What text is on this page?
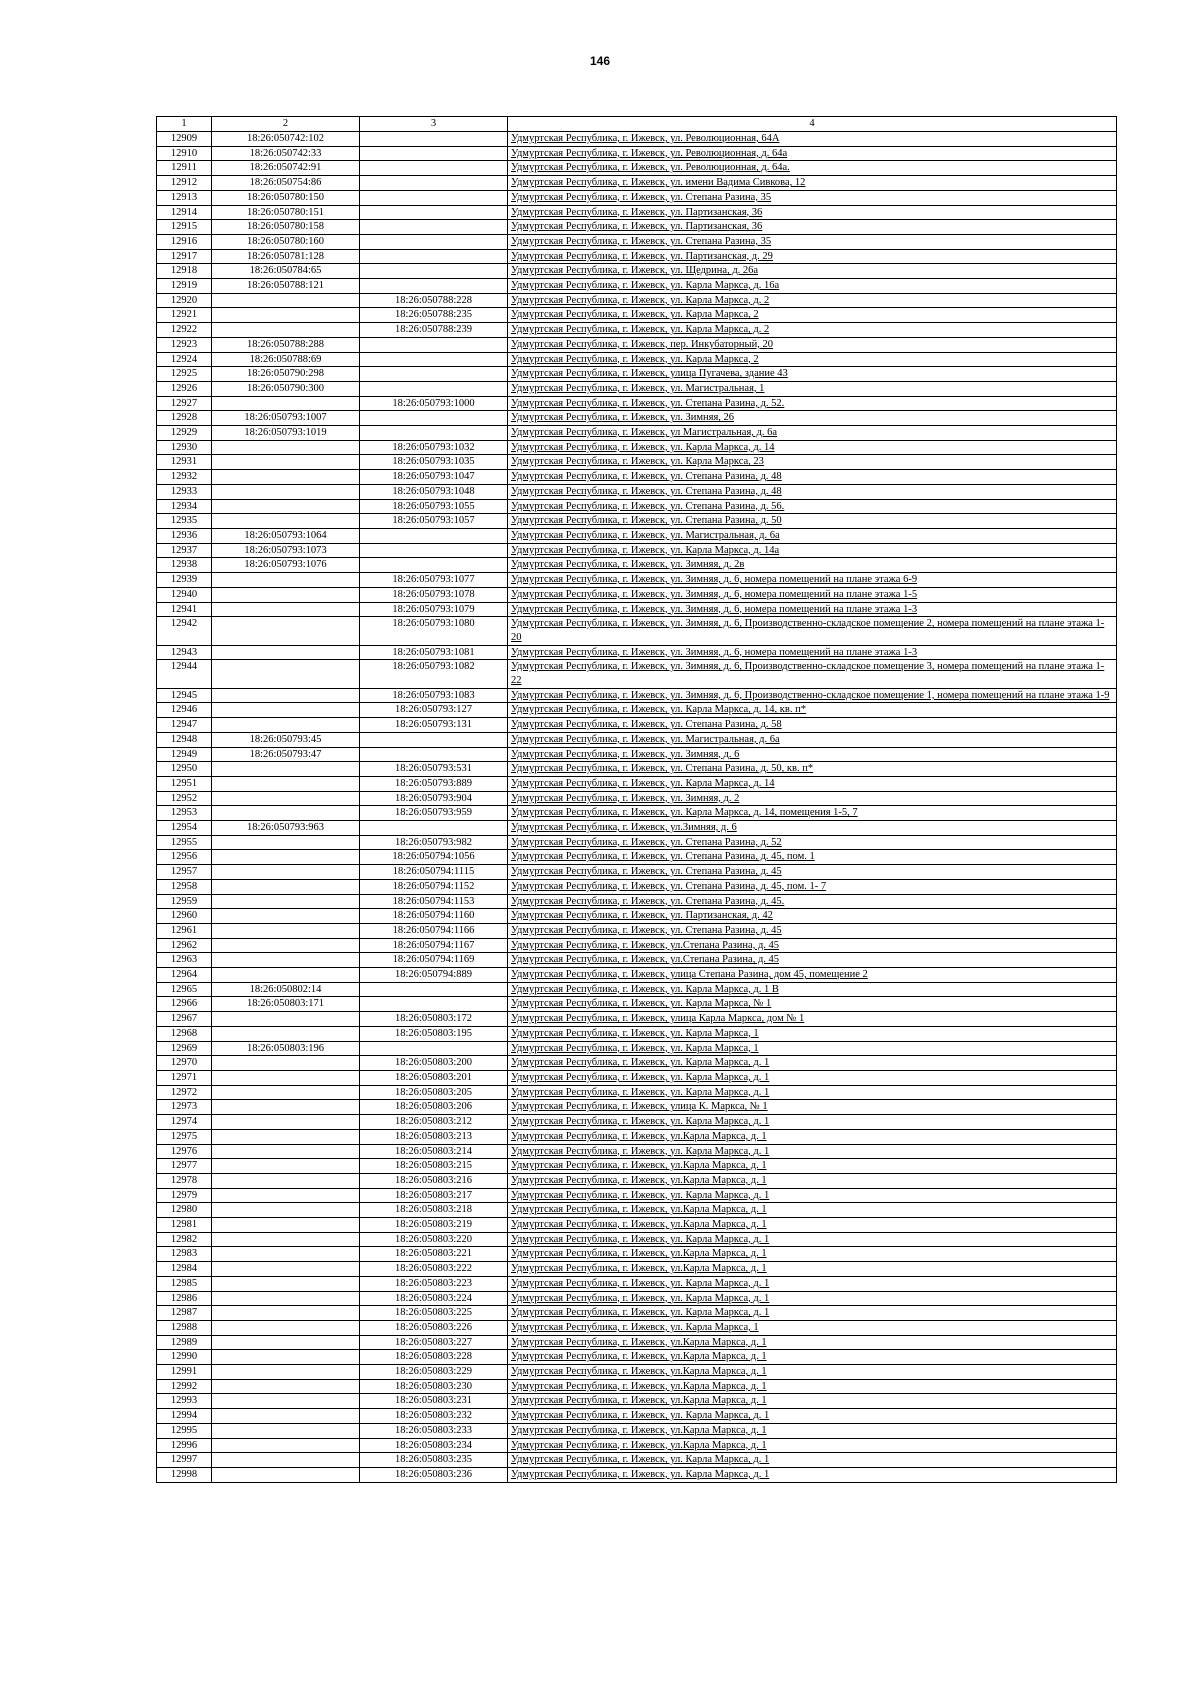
146
1	2	3	4
12909	18:26:050742:102		Удмуртская Республика, г. Ижевск, ул. Революционная, 64А
12910	18:26:050742:33		Удмуртская Республика, г. Ижевск, ул. Революционная, д. 64а
12911	18:26:050742:91		Удмуртская Республика, г. Ижевск, ул. Революционная, д. 64а.
12912	18:26:050754:86		Удмуртская Республика, г. Ижевск, ул. имени Вадима Сивкова, 12
12913	18:26:050780:150		Удмуртская Республика, г. Ижевск, ул. Степана Разина, 35
12914	18:26:050780:151		Удмуртская Республика, г. Ижевск, ул. Партизанская, 36
12915	18:26:050780:158		Удмуртская Республика, г. Ижевск, ул. Партизанская, 36
12916	18:26:050780:160		Удмуртская Республика, г. Ижевск, ул. Степана Разина, 35
12917	18:26:050781:128		Удмуртская Республика, г. Ижевск, ул. Партизанская, д. 29
12918	18:26:050784:65		Удмуртская Республика, г. Ижевск, ул. Щедрина, д. 26а
12919	18:26:050788:121		Удмуртская Республика, г. Ижевск, ул. Карла Маркса, д. 16а
12920		18:26:050788:228	Удмуртская Республика, г. Ижевск, ул. Карла Маркса, д. 2
12921		18:26:050788:235	Удмуртская Республика, г. Ижевск, ул. Карла Маркса, 2
12922		18:26:050788:239	Удмуртская Республика, г. Ижевск, ул. Карла Маркса, д. 2
12923	18:26:050788:288		Удмуртская Республика, г. Ижевск, пер. Инкубаторный, 20
12924	18:26:050788:69		Удмуртская Республика, г. Ижевск, ул. Карла Маркса, 2
12925	18:26:050790:298		Удмуртская Республика, г. Ижевск, улица Пугачева, здание 43
12926	18:26:050790:300		Удмуртская Республика, г. Ижевск, ул. Магистральная, 1
12927		18:26:050793:1000	Удмуртская Республика, г. Ижевск, ул. Степана Разина, д. 52.
12928	18:26:050793:1007		Удмуртская Республика, г. Ижевск, ул. Зимняя, 26
12929	18:26:050793:1019		Удмуртская Республика, г. Ижевск, ул Магистральная, д. 6а
12930		18:26:050793:1032	Удмуртская Республика, г. Ижевск, ул. Карла Маркса, д. 14
12931		18:26:050793:1035	Удмуртская Республика, г. Ижевск, ул. Карла Маркса, 23
12932		18:26:050793:1047	Удмуртская Республика, г. Ижевск, ул. Степана Разина, д. 48
12933		18:26:050793:1048	Удмуртская Республика, г. Ижевск, ул. Степана Разина, д. 48
12934		18:26:050793:1055	Удмуртская Республика, г. Ижевск, ул. Степана Разина, д. 56.
12935		18:26:050793:1057	Удмуртская Республика, г. Ижевск, ул. Степана Разина, д. 50
12936	18:26:050793:1064		Удмуртская Республика, г. Ижевск, ул. Магистральная, д. 6а
12937	18:26:050793:1073		Удмуртская Республика, г. Ижевск, ул. Карла Маркса, д. 14а
12938	18:26:050793:1076		Удмуртская Республика, г. Ижевск, ул. Зимняя, д. 2в
12939		18:26:050793:1077	Удмуртская Республика, г. Ижевск, ул. Зимняя, д. 6, номера помещений на плане этажа 6-9
12940		18:26:050793:1078	Удмуртская Республика, г. Ижевск, ул. Зимняя, д. 6, номера помещений на плане этажа 1-5
12941		18:26:050793:1079	Удмуртская Республика, г. Ижевск, ул. Зимняя, д. 6, номера помещений на плане этажа 1-3
12942		18:26:050793:1080	Удмуртская Республика, г. Ижевск, ул. Зимняя, д. 6, Производственно-складское помещение 2, номера помещений на плане этажа 1-20
12943		18:26:050793:1081	Удмуртская Республика, г. Ижевск, ул. Зимняя, д. 6, номера помещений на плане этажа 1-3
12944		18:26:050793:1082	Удмуртская Республика, г. Ижевск, ул. Зимняя, д. 6, Производственно-складское помещение 3, номера помещений на плане этажа 1-22
12945		18:26:050793:1083	Удмуртская Республика, г. Ижевск, ул. Зимняя, д. 6, Производственно-складское помещение 1, номера помещений на плане этажа 1-9
12946		18:26:050793:127	Удмуртская Республика, г. Ижевск, ул. Карла Маркса, д. 14, кв. п*
12947		18:26:050793:131	Удмуртская Республика, г. Ижевск, ул. Степана Разина, д. 58
12948	18:26:050793:45		Удмуртская Республика, г. Ижевск, ул. Магистральная, д. 6а
12949	18:26:050793:47		Удмуртская Республика, г. Ижевск, ул. Зимняя, д. 6
12950		18:26:050793:531	Удмуртская Республика, г. Ижевск, ул. Степана Разина, д. 50, кв. п*
12951		18:26:050793:889	Удмуртская Республика, г. Ижевск, ул. Карла Маркса, д. 14
12952		18:26:050793:904	Удмуртская Республика, г. Ижевск, ул. Зимняя, д. 2
12953		18:26:050793:959	Удмуртская Республика, г. Ижевск, ул. Карла Маркса, д. 14, помещения 1-5, 7
12954	18:26:050793:963		Удмуртская Республика, г. Ижевск, ул.Зимняя, д. 6
12955		18:26:050793:982	Удмуртская Республика, г. Ижевск, ул. Степана Разина, д. 52
12956		18:26:050794:1056	Удмуртская Республика, г. Ижевск, ул. Степана Разина, д. 45, пом. 1
12957		18:26:050794:1115	Удмуртская Республика, г. Ижевск, ул. Степана Разина, д. 45
12958		18:26:050794:1152	Удмуртская Республика, г. Ижевск, ул. Степана Разина, д. 45, пом. 1- 7
12959		18:26:050794:1153	Удмуртская Республика, г. Ижевск, ул. Степана Разина, д. 45.
12960		18:26:050794:1160	Удмуртская Республика, г. Ижевск, ул. Партизанская, д. 42
12961		18:26:050794:1166	Удмуртская Республика, г. Ижевск, ул. Степана Разина, д. 45
12962		18:26:050794:1167	Удмуртская Республика, г. Ижевск, ул.Степана Разина, д. 45
12963		18:26:050794:1169	Удмуртская Республика, г. Ижевск, ул.Степана Разина, д. 45
12964		18:26:050794:889	Удмуртская Республика, г. Ижевск, улица Степана Разина, дом 45, помещение 2
12965	18:26:050802:14		Удмуртская Республика, г. Ижевск, ул. Карла Маркса, д. 1 В
12966	18:26:050803:171		Удмуртская Республика, г. Ижевск, ул. Карла Маркса, № 1
12967		18:26:050803:172	Удмуртская Республика, г. Ижевск, улица Карла Маркса, дом № 1
12968		18:26:050803:195	Удмуртская Республика, г. Ижевск, ул. Карла Маркса, 1
12969	18:26:050803:196		Удмуртская Республика, г. Ижевск, ул. Карла Маркса, 1
12970		18:26:050803:200	Удмуртская Республика, г. Ижевск, ул. Карла Маркса, д. 1
12971		18:26:050803:201	Удмуртская Республика, г. Ижевск, ул. Карла Маркса, д. 1
12972		18:26:050803:205	Удмуртская Республика, г. Ижевск, ул. Карла Маркса, д. 1
12973		18:26:050803:206	Удмуртская Республика, г. Ижевск, улица К. Маркса, № 1
12974		18:26:050803:212	Удмуртская Республика, г. Ижевск, ул. Карла Маркса, д. 1
12975		18:26:050803:213	Удмуртская Республика, г. Ижевск, ул.Карла Маркса, д. 1
12976		18:26:050803:214	Удмуртская Республика, г. Ижевск, ул. Карла Маркса, д. 1
12977		18:26:050803:215	Удмуртская Республика, г. Ижевск, ул.Карла Маркса, д. 1
12978		18:26:050803:216	Удмуртская Республика, г. Ижевск, ул.Карла Маркса, д. 1
12979		18:26:050803:217	Удмуртская Республика, г. Ижевск, ул. Карла Маркса, д. 1
12980		18:26:050803:218	Удмуртская Республика, г. Ижевск, ул.Карла Маркса, д. 1
12981		18:26:050803:219	Удмуртская Республика, г. Ижевск, ул.Карла Маркса, д. 1
12982		18:26:050803:220	Удмуртская Республика, г. Ижевск, ул. Карла Маркса, д. 1
12983		18:26:050803:221	Удмуртская Республика, г. Ижевск, ул.Карла Маркса, д. 1
12984		18:26:050803:222	Удмуртская Республика, г. Ижевск, ул.Карла Маркса, д. 1
12985		18:26:050803:223	Удмуртская Республика, г. Ижевск, ул. Карла Маркса, д. 1
12986		18:26:050803:224	Удмуртская Республика, г. Ижевск, ул. Карла Маркса, д. 1
12987		18:26:050803:225	Удмуртская Республика, г. Ижевск, ул. Карла Маркса, д. 1
12988		18:26:050803:226	Удмуртская Республика, г. Ижевск, ул. Карла Маркса, 1
12989		18:26:050803:227	Удмуртская Республика, г. Ижевск, ул.Карла Маркса, д. 1
12990		18:26:050803:228	Удмуртская Республика, г. Ижевск, ул.Карла Маркса, д. 1
12991		18:26:050803:229	Удмуртская Республика, г. Ижевск, ул.Карла Маркса, д. 1
12992		18:26:050803:230	Удмуртская Республика, г. Ижевск, ул.Карла Маркса, д. 1
12993		18:26:050803:231	Удмуртская Республика, г. Ижевск, ул.Карла Маркса, д. 1
12994		18:26:050803:232	Удмуртская Республика, г. Ижевск, ул. Карла Маркса, д. 1
12995		18:26:050803:233	Удмуртская Республика, г. Ижевск, ул.Карла Маркса, д. 1
12996		18:26:050803:234	Удмуртская Республика, г. Ижевск, ул.Карла Маркса, д. 1
12997		18:26:050803:235	Удмуртская Республика, г. Ижевск, ул. Карла Маркса, д. 1
12998		18:26:050803:236	Удмуртская Республика, г. Ижевск, ул. Карла Маркса, д. 1
